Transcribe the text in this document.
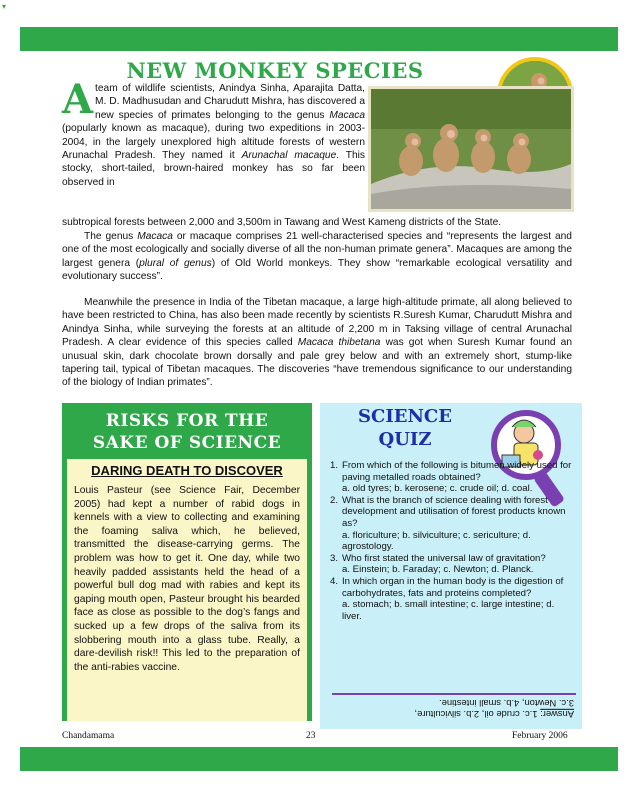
▾
NEW MONKEY SPECIES

A team of wildlife scientists, Anindya Sinha, Aparajita Datta, M. D. Madhusudan and Charudutt Mishra, has discovered a new species of primates belonging to the genus Macaca (popularly known as macaque), during two expeditions in 2003-2004, in the largely unexplored high altitude forests of western Arunachal Pradesh. They named it Arunachal macaque. This stocky, short-tailed, brown-haired monkey has so far been observed in

subtropical forests between 2,000 and 3,500m in Tawang and West Kameng districts of the State.

The genus Macaca or macaque comprises 21 well-characterised species and “represents the largest and one of the most ecologically and socially diverse of all the non-human primate genera”. Macaques are among the largest genera (plural of genus) of Old World monkeys. They show “remarkable ecological versatility and evolutionary success”.

Meanwhile the presence in India of the Tibetan macaque, a large high-altitude primate, all along believed to have been restricted to China, has also been made recently by scientists R.Suresh Kumar, Charudutt Mishra and Anindya Sinha, while surveying the forests at an altitude of 2,200 m in Taksing village of central Arunachal Pradesh. A clear evidence of this species called Macaca thibetana was got when Suresh Kumar found an unusual skin, dark chocolate brown dorsally and pale grey below and with an extremely short, stump-like tapering tail, typical of Tibetan macaques. The discoveries “have tremendous significance to our understanding of the biology of Indian primates”.

RISKS FOR THE
SAKE OF SCIENCE

DARING DEATH TO DISCOVER

Louis Pasteur (see Science Fair, December 2005) had kept a number of rabid dogs in kennels with a view to collecting and examining the foaming saliva which, he believed, transmitted the disease-carrying germs. The problem was how to get it. One day, while two heavily padded assistants held the head of a powerful bull dog mad with rabies and kept its gaping mouth open, Pasteur brought his bearded face as close as possible to the dog’s fangs and sucked up a few drops of the saliva from its slobbering mouth into a glass tube. Really, a dare-devilish risk!! This led to the preparation of the anti-rabies vaccine.

SCIENCE
QUIZ
1. From which of the following is bitumen widely used for paving metalled roads obtained?

a. old tyres; b. kerosene; c. crude oil; d. coal.

2. What is the branch of science dealing with forest development and utilisation of forest products known as?

a. floriculture; b. silviculture; c. sericulture; d. agrostology.

3. Who first stated the universal law of gravitation?

a. Einstein; b. Faraday; c. Newton; d. Planck.

4. In which organ in the human body is the digestion of carbohydrates, fats and proteins completed?

a. stomach; b. small intestine; c. large intestine; d. liver.

Answer: 1.c. crude oil, 2.b. silviculture,

3.c. Newton, 4.b. small intestine.

Chandamama	23	February 2006
